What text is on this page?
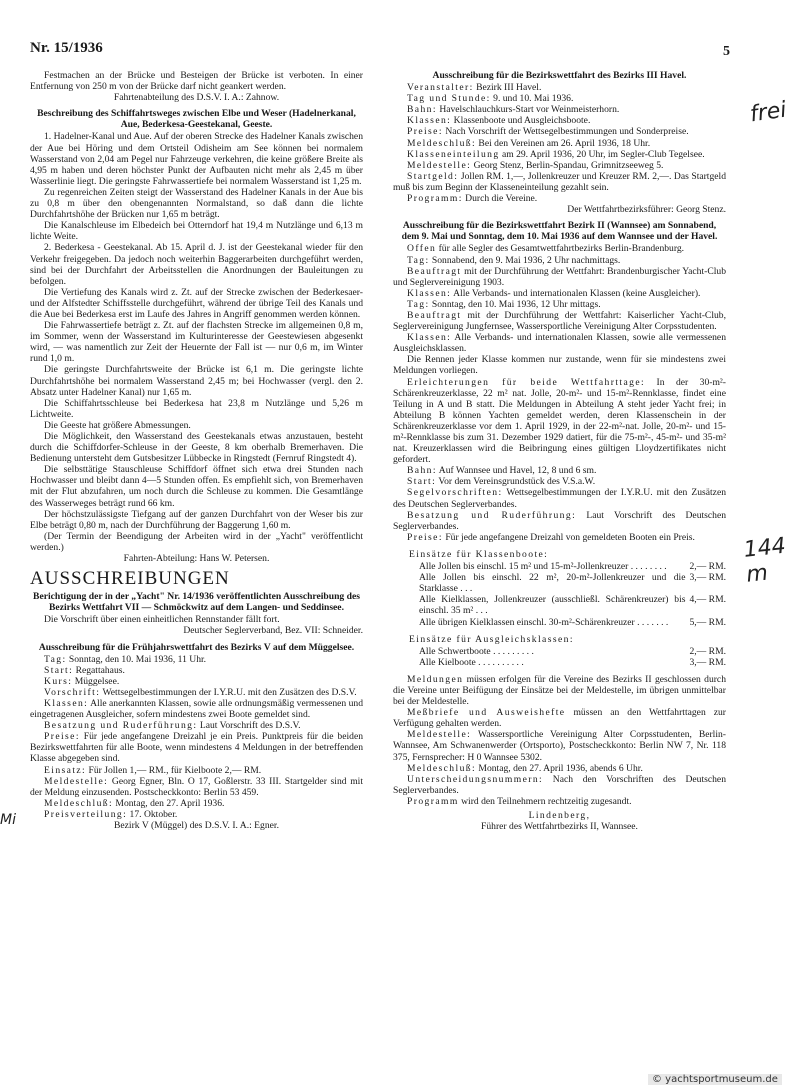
Nr. 15/1936	5

Festmachen an der Brücke und Besteigen der Brücke ist verboten. In einer Entfernung von 250 m von der Brücke darf nicht geankert werden.

Fahrtenabteilung des D.S.V. I. A.: Zahnow.

Beschreibung des Schiffahrtsweges zwischen Elbe und Weser (Hadelnerkanal, Aue, Bederkesa-Geestekanal, Geeste.

1. Hadelner-Kanal und Aue. Auf der oberen Strecke des Hadelner Kanals zwischen der Aue bei Höring und dem Ortsteil Odisheim am See können bei normalem Wasserstand von 2,04 am Pegel nur Fahrzeuge verkehren, die keine größere Breite als 4,95 m haben und deren höchster Punkt der Aufbauten nicht mehr als 2,45 m über Wasserlinie liegt. Die geringste Fahrwassertiefe bei normalem Wasserstand ist 1,25 m.

Zu regenreichen Zeiten steigt der Wasserstand des Hadelner Kanals in der Aue bis zu 0,8 m über den obengenannten Normalstand, so daß dann die lichte Durchfahrtshöhe der Brücken nur 1,65 m beträgt.

Die Kanalschleuse im Elbedeich bei Otterndorf hat 19,4 m Nutzlänge und 6,13 m lichte Weite.

2. Bederkesa - Geestekanal. Ab 15. April d. J. ist der Geestekanal wieder für den Verkehr freigegeben. Da jedoch noch weiterhin Baggerarbeiten durchgeführt werden, sind bei der Durchfahrt der Arbeitsstellen die Anordnungen der Bauleitungen zu befolgen.

Die Vertiefung des Kanals wird z. Zt. auf der Strecke zwischen der Bederkesaer- und der Alfstedter Schiffsstelle durchgeführt, während der übrige Teil des Kanals und die Aue bei Bederkesa erst im Laufe des Jahres in Angriff genommen werden können.

Die Fahrwassertiefe beträgt z. Zt. auf der flachsten Strecke im allgemeinen 0,8 m, im Sommer, wenn der Wasserstand im Kulturinteresse der Geestewiesen abgesenkt wird, — was namentlich zur Zeit der Heuernte der Fall ist — nur 0,6 m, im Winter rund 1,0 m.

Die geringste Durchfahrtsweite der Brücke ist 6,1 m. Die geringste lichte Durchfahrtshöhe bei normalem Wasserstand 2,45 m; bei Hochwasser (vergl. den 2. Absatz unter Hadelner Kanal) nur 1,65 m.

Die Schiffahrtsschleuse bei Bederkesa hat 23,8 m Nutzlänge und 5,26 m Lichtweite.

Die Geeste hat größere Abmessungen.

Die Möglichkeit, den Wasserstand des Geestekanals etwas anzustauen, besteht durch die Schiffdorfer-Schleuse in der Geeste, 8 km oberhalb Bremerhaven. Die Bedienung untersteht dem Gutsbesitzer Lübbecke in Ringstedt (Fernruf Ringstedt 4).

Die selbsttätige Stauschleuse Schiffdorf öffnet sich etwa drei Stunden nach Hochwasser und bleibt dann 4—5 Stunden offen. Es empfiehlt sich, von Bremerhaven mit der Flut abzufahren, um noch durch die Schleuse zu kommen. Die Gesamtlänge des Wasserweges beträgt rund 66 km.

Der höchstzulässigste Tiefgang auf der ganzen Durchfahrt von der Weser bis zur Elbe beträgt 0,80 m, nach der Durchführung der Baggerung 1,60 m.

(Der Termin der Beendigung der Arbeiten wird in der „Yacht" veröffentlicht werden.)

Fahrten-Abteilung: Hans W. Petersen.

AUSSCHREIBUNGEN

Berichtigung der in der „Yacht" Nr. 14/1936 veröffentlichten Ausschreibung des Bezirks Wettfahrt VII — Schmöckwitz auf dem Langen- und Seddinsee.

Die Vorschrift über einen einheitlichen Rennstander fällt fort.

Deutscher Seglerverband, Bez. VII: Schneider.

Ausschreibung für die Frühjahrswettfahrt des Bezirks V auf dem Müggelsee.

Tag: Sonntag, den 10. Mai 1936, 11 Uhr.

Start: Regattahaus.

Kurs: Müggelsee.

Vorschrift: Wettsegelbestimmungen der I.Y.R.U. mit den Zusätzen des D.S.V.

Klassen: Alle anerkannten Klassen, sowie alle ordnungsmäßig vermessenen und eingetragenen Ausgleicher, sofern mindestens zwei Boote gemeldet sind.

Besatzung und Ruderführung: Laut Vorschrift des D.S.V.

Preise: Für jede angefangene Dreizahl je ein Preis. Punktpreis für die beiden Bezirkswettfahrten für alle Boote, wenn mindestens 4 Meldungen in der betreffenden Klasse abgegeben sind.

Einsatz: Für Jollen 1,— RM., für Kielboote 2,— RM.

Meldestelle: Georg Egner, Bln. O 17, Goßlerstr. 33 III. Startgelder sind mit der Meldung einzusenden. Postscheckkonto: Berlin 53 459.

Meldeschluß: Montag, den 27. April 1936.

Preisverteilung: 17. Oktober.

Bezirk V (Müggel) des D.S.V. I. A.: Egner.

Ausschreibung für die Bezirkswettfahrt des Bezirks III Havel.

Veranstalter: Bezirk III Havel.

Tag und Stunde: 9. und 10. Mai 1936.

Bahn: Havelschlauchkurs-Start vor Weinmeisterhorn.

Klassen: Klassenboote und Ausgleichsboote.

Preise: Nach Vorschrift der Wettsegelbestimmungen und Sonderpreise.

Meldeschluß: Bei den Vereinen am 26. April 1936, 18 Uhr.

Klasseneinteilung am 29. April 1936, 20 Uhr, im Segler-Club Tegelsee.

Meldestelle: Georg Stenz, Berlin-Spandau, Grimnitzseeweg 5.

Startgeld: Jollen RM. 1,—, Jollenkreuzer und Kreuzer RM. 2,—. Das Startgeld muß bis zum Beginn der Klasseneinteilung gezahlt sein.

Programm: Durch die Vereine.

Der Wettfahrtbezirksführer: Georg Stenz.

Ausschreibung für die Bezirkswettfahrt Bezirk II (Wannsee) am Sonnabend, dem 9. Mai und Sonntag, dem 10. Mai 1936 auf dem Wannsee und der Havel.

Offen für alle Segler des Gesamtwettfahrtbezirks Berlin-Brandenburg.

Tag: Sonnabend, den 9. Mai 1936, 2 Uhr nachmittags.

Beauftragt mit der Durchführung der Wettfahrt: Brandenburgischer Yacht-Club und Seglervereinigung 1903.

Klassen: Alle Verbands- und internationalen Klassen (keine Ausgleicher).

Tag: Sonntag, den 10. Mai 1936, 12 Uhr mittags.

Beauftragt mit der Durchführung der Wettfahrt: Kaiserlicher Yacht-Club, Seglervereinigung Jungfernsee, Wassersportliche Vereinigung Alter Corpsstudenten.

Klassen: Alle Verbands- und internationalen Klassen, sowie alle vermessenen Ausgleichsklassen.

Die Rennen jeder Klasse kommen nur zustande, wenn für sie mindestens zwei Meldungen vorliegen.

Erleichterungen für beide Wettfahrttage: In der 30-m²-Schärenkreuzerklasse, 22 m² nat. Jolle, 20-m²- und 15-m²-Rennklasse, findet eine Teilung in A und B statt. Die Meldungen in Abteilung A steht jeder Yacht frei; in Abteilung B können Yachten gemeldet werden, deren Klassenschein in der Schärenkreuzerklasse vor dem 1. April 1929, in der 22-m²-nat. Jolle, 20-m²- und 15-m²-Rennklasse bis zum 31. Dezember 1929 datiert, für die 75-m²-, 45-m²- und 35-m² nat. Kreuzerklassen wird die Beibringung eines gültigen Lloydzertifikates nicht gefordert.

Bahn: Auf Wannsee und Havel, 12, 8 und 6 sm.

Start: Vor dem Vereinsgrundstück des V.S.a.W.

Segelvorschriften: Wettsegelbestimmungen der I.Y.R.U. mit den Zusätzen des Deutschen Seglerverbandes.

Besatzung und Ruderführung: Laut Vorschrift des Deutschen Seglerverbandes.

Preise: Für jede angefangene Dreizahl von gemeldeten Booten ein Preis.

Einsätze für Klassenboote:

Alle Jollen bis einschl. 15 m² und 15-m²-Jollenkreuzer . . . . . . . . 2,— RM.
Alle Jollen bis einschl. 22 m², 20-m²-Jollenkreuzer und die Starklasse . . .
3,— RM.
Alle Kielklassen, Jollenkreuzer (ausschließl. Schärenkreuzer) bis einschl. 35 m² . . .
4,— RM.
Alle übrigen Kielklassen einschl. 30-m²-Schärenkreuzer . . . . . . . 5,— RM.

Einsätze für Ausgleichsklassen:

Alle Schwertboote . . . . . . . . .	2,— RM.
Alle Kielboote . . . . . . . . . .	3,— RM.

Meldungen müssen erfolgen für die Vereine des Bezirks II geschlossen durch die Vereine unter Beifügung der Einsätze bei der Meldestelle, im übrigen unmittelbar bei der Meldestelle.

Meßbriefe und Ausweishefte müssen an den Wettfahrttagen zur Verfügung gehalten werden.

Meldestelle: Wassersportliche Vereinigung Alter Corpsstudenten, Berlin-Wannsee, Am Schwanenwerder (Ortsporto), Postscheckkonto: Berlin NW 7, Nr. 118 375, Fernsprecher: H 0 Wannsee 5302.

Meldeschluß: Montag, den 27. April 1936, abends 6 Uhr.

Unterscheidungsnummern: Nach den Vorschriften des Deutschen Seglerverbandes.

Programm wird den Teilnehmern rechtzeitig zugesandt.

Lindenberg,

Führer des Wettfahrtbezirks II, Wannsee.

frei
144 m
Mi
© yachtsportmuseum.de
